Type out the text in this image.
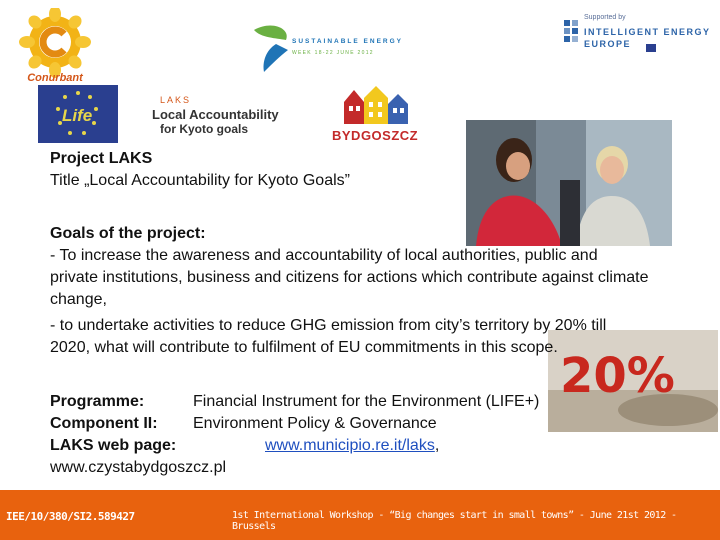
Conurbant
SUSTAINABLE ENERGY
WEEK 18-22 JUNE 2012
Supported by
INTELLIGENT ENERGY
EUROPE
Life
LAKS
Local Accountability
for Kyoto goals	BYDGOSZCZ
20%
Project LAKS
Title „Local Accountability for Kyoto Goals”
Goals of the project:
- To increase the awareness and accountability of local authorities, public and private institutions, business and citizens for actions which contribute against climate change,
- to undertake activities to reduce GHG emission from city’s territory by 20% till 2020, what will contribute to fulfilment of EU commitments in this scope.
Programme:	Financial Instrument for the Environment (LIFE+)
Component II: Environment Policy & Governance
LAKS web page:	www.municipio.re.it/laks,
www.czystabydgoszcz.pl
IEE/10/380/SI2.589427	1st International Workshop - “Big changes start in small towns” - June 21st 2012 - Brussels
